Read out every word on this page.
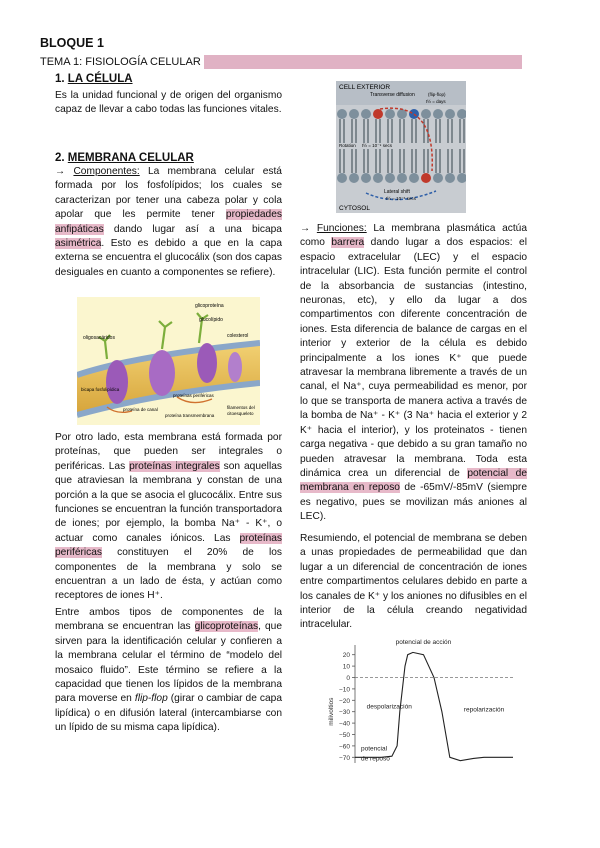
BLOQUE 1
TEMA 1: FISIOLOGÍA CELULAR
1. LA CÉLULA

Es la unidad funcional y de origen del organismo capaz de llevar a cabo todas las funciones vitales.

2. MEMBRANA CELULAR

→ Componentes: La membrana celular está formada por los fosfolípidos; los cuales se caracterizan por tener una cabeza polar y cola apolar que les permite tener propiedades anfipáticas dando lugar así a una bicapa asimétrica. Esto es debido a que en la capa externa se encuentra el glucocálix (son dos capas desiguales en cuanto a componentes se refiere).

glicoproteína
glucolípido
oligosacáridos	colesterol
proteínas periféricas
proteína de canal
proteína transmembrana
filamentos del
citoesqueleto
bicapa fosfolipídica

Por otro lado, esta membrana está formada por proteínas, que pueden ser integrales o periféricas. Las proteínas integrales son aquellas que atraviesan la membrana y constan de una porción a la que se asocia el glucocálix. Entre sus funciones se encuentran la función transportadora de iones; por ejemplo, la bomba Na⁺ - K⁺, o actuar como canales iónicos. Las proteínas periféricas constituyen el 20% de los componentes de la membrana y solo se encuentran a un lado de ésta, y actúan como receptores de iones H⁺.

Entre ambos tipos de componentes de la membrana se encuentran las glicoproteínas, que sirven para la identificación celular y confieren a la membrana celular el término de “modelo del mosaico fluido”. Este término se refiere a la capacidad que tienen los lípidos de la membrana para moverse en flip-flop (girar o cambiar de capa lipídica) o en difusión lateral (intercambiarse con un lípido de su misma capa lipídica).

CELL EXTERIOR
Transverse diffusion	(flip-flop)
t½ = days
Rotation t½ = 10⁻⁹ secs
Lateral shift
t½ = 10⁻⁶ secs
CYTOSOL

→ Funciones: La membrana plasmática actúa como barrera dando lugar a dos espacios: el espacio extracelular (LEC) y el espacio intracelular (LIC). Esta función permite el control de la absorbancia de sustancias (intestino, neuronas, etc), y ello da lugar a dos compartimentos con diferente concentración de iones. Esta diferencia de balance de cargas en el interior y exterior de la célula es debido principalmente a los iones K⁺ que puede atravesar la membrana libremente a través de un canal, el Na⁺, cuya permeabilidad es menor, por lo que se transporta de manera activa a través de la bomba de Na⁺ - K⁺ (3 Na⁺ hacia el exterior y 2 K⁺ hacia el interior), y los proteinatos - tienen carga negativa - que debido a su gran tamaño no pueden atravesar la membrana. Toda esta dinámica crea un diferencial de potencial de membrana en reposo de -65mV/-85mV (siempre es negativo, pues se movilizan más aniones al LEC).

Resumiendo, el potencial de membrana se deben a unas propiedades de permeabilidad que dan lugar a un diferencial de concentración de iones entre compartimentos celulares debido en parte a los canales de K⁺ y los aniones no difusibles en el interior de la célula creando negatividad intracelular.

20
10
0
−10
−20
−30
−40
−50
−60
−70
milivoltios
potencial de acción
despolarización	repolarización
potencial
de reposo
